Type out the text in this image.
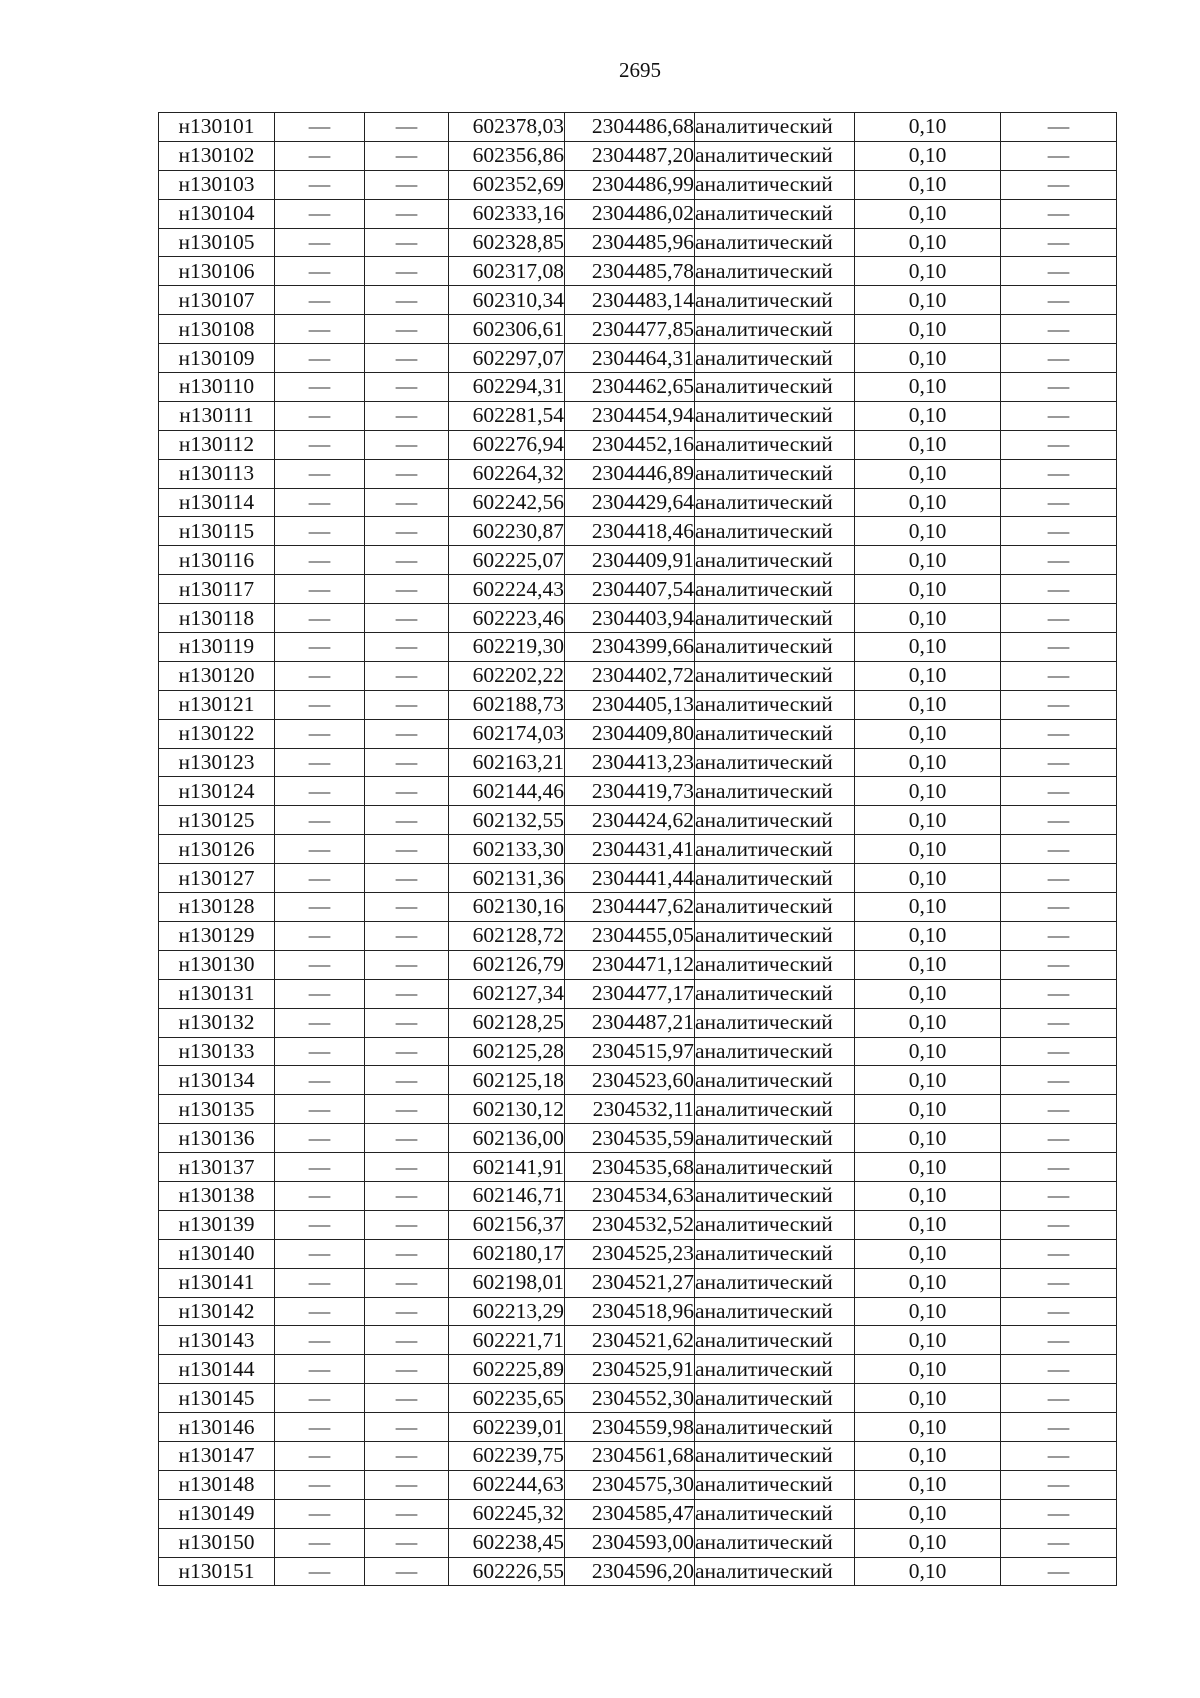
2695
н130101	—	—	602378,03	2304486,68	аналитический	0,10	—
н130102	—	—	602356,86	2304487,20	аналитический	0,10	—
н130103	—	—	602352,69	2304486,99	аналитический	0,10	—
н130104	—	—	602333,16	2304486,02	аналитический	0,10	—
н130105	—	—	602328,85	2304485,96	аналитический	0,10	—
н130106	—	—	602317,08	2304485,78	аналитический	0,10	—
н130107	—	—	602310,34	2304483,14	аналитический	0,10	—
н130108	—	—	602306,61	2304477,85	аналитический	0,10	—
н130109	—	—	602297,07	2304464,31	аналитический	0,10	—
н130110	—	—	602294,31	2304462,65	аналитический	0,10	—
н130111	—	—	602281,54	2304454,94	аналитический	0,10	—
н130112	—	—	602276,94	2304452,16	аналитический	0,10	—
н130113	—	—	602264,32	2304446,89	аналитический	0,10	—
н130114	—	—	602242,56	2304429,64	аналитический	0,10	—
н130115	—	—	602230,87	2304418,46	аналитический	0,10	—
н130116	—	—	602225,07	2304409,91	аналитический	0,10	—
н130117	—	—	602224,43	2304407,54	аналитический	0,10	—
н130118	—	—	602223,46	2304403,94	аналитический	0,10	—
н130119	—	—	602219,30	2304399,66	аналитический	0,10	—
н130120	—	—	602202,22	2304402,72	аналитический	0,10	—
н130121	—	—	602188,73	2304405,13	аналитический	0,10	—
н130122	—	—	602174,03	2304409,80	аналитический	0,10	—
н130123	—	—	602163,21	2304413,23	аналитический	0,10	—
н130124	—	—	602144,46	2304419,73	аналитический	0,10	—
н130125	—	—	602132,55	2304424,62	аналитический	0,10	—
н130126	—	—	602133,30	2304431,41	аналитический	0,10	—
н130127	—	—	602131,36	2304441,44	аналитический	0,10	—
н130128	—	—	602130,16	2304447,62	аналитический	0,10	—
н130129	—	—	602128,72	2304455,05	аналитический	0,10	—
н130130	—	—	602126,79	2304471,12	аналитический	0,10	—
н130131	—	—	602127,34	2304477,17	аналитический	0,10	—
н130132	—	—	602128,25	2304487,21	аналитический	0,10	—
н130133	—	—	602125,28	2304515,97	аналитический	0,10	—
н130134	—	—	602125,18	2304523,60	аналитический	0,10	—
н130135	—	—	602130,12	2304532,11	аналитический	0,10	—
н130136	—	—	602136,00	2304535,59	аналитический	0,10	—
н130137	—	—	602141,91	2304535,68	аналитический	0,10	—
н130138	—	—	602146,71	2304534,63	аналитический	0,10	—
н130139	—	—	602156,37	2304532,52	аналитический	0,10	—
н130140	—	—	602180,17	2304525,23	аналитический	0,10	—
н130141	—	—	602198,01	2304521,27	аналитический	0,10	—
н130142	—	—	602213,29	2304518,96	аналитический	0,10	—
н130143	—	—	602221,71	2304521,62	аналитический	0,10	—
н130144	—	—	602225,89	2304525,91	аналитический	0,10	—
н130145	—	—	602235,65	2304552,30	аналитический	0,10	—
н130146	—	—	602239,01	2304559,98	аналитический	0,10	—
н130147	—	—	602239,75	2304561,68	аналитический	0,10	—
н130148	—	—	602244,63	2304575,30	аналитический	0,10	—
н130149	—	—	602245,32	2304585,47	аналитический	0,10	—
н130150	—	—	602238,45	2304593,00	аналитический	0,10	—
н130151	—	—	602226,55	2304596,20	аналитический	0,10	—
